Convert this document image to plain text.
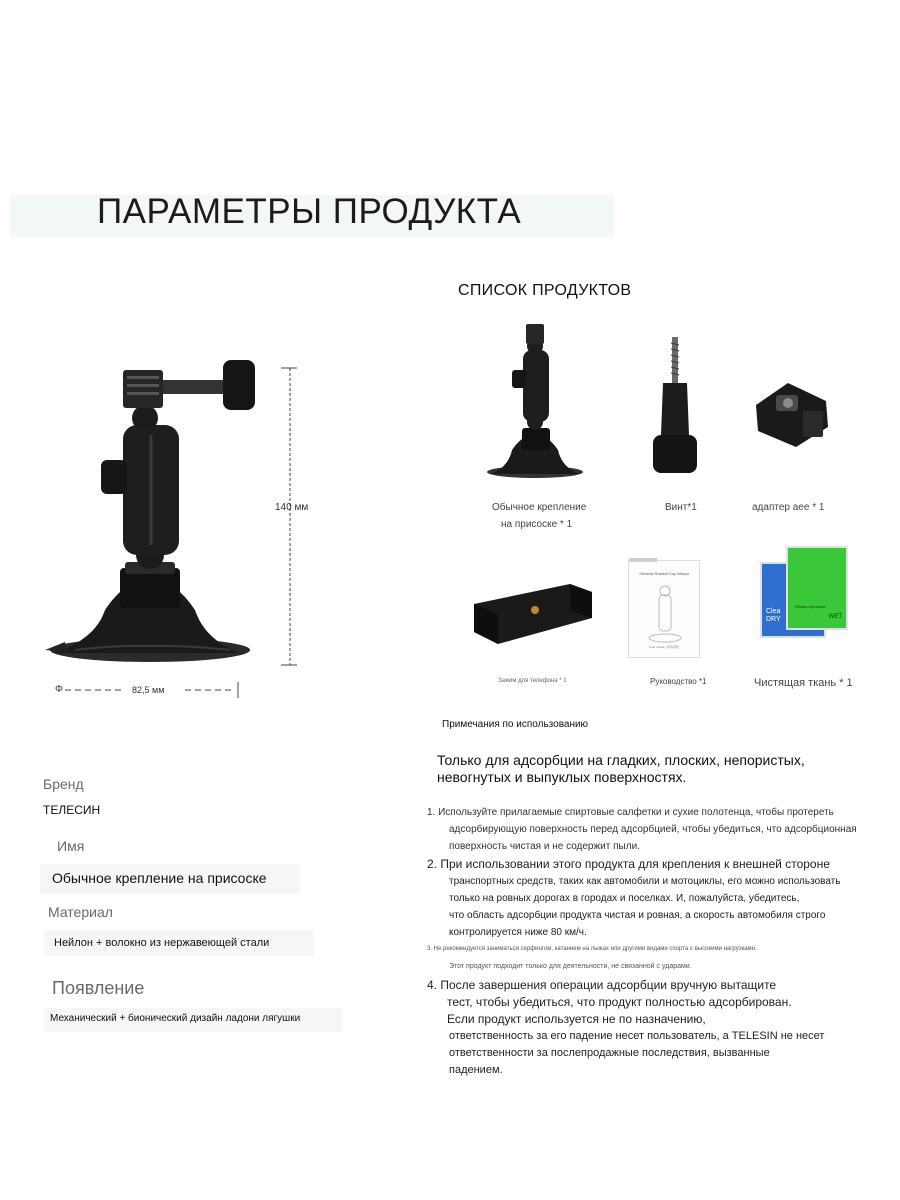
ПАРАМЕТРЫ ПРОДУКТА
140 мм
Φ	82,5 мм
СПИСОК ПРОДУКТОВ
Обычное крепление
на присоске * 1
Винт*1	адаптер aee * 1
Зажим для телефона * 1
General Suction Cup Mount
User Guide / 使用说明
Руководство *1
Clea DRY
Уборка обучение
WET
Чистящая ткань * 1
Бренд
ТЕЛЕСИН
Имя
Обычное крепление на присоске
Материал
Нейлон + волокно из нержавеющей стали
Появление
Механический + бионический дизайн ладони лягушки
Примечания по использованию
Только для адсорбции на гладких, плоских, непористых, невогнутых и выпуклых поверхностях.
1. Используйте прилагаемые спиртовые салфетки и сухие полотенца, чтобы протереть
адсорбирующую поверхность перед адсорбцией, чтобы убедиться, что адсорбционная
поверхность чистая и не содержит пыли.
2. При использовании этого продукта для крепления к внешней стороне
транспортных средств, таких как автомобили и мотоциклы, его можно использовать
только на ровных дорогах в городах и поселках. И, пожалуйста, убедитесь,
что область адсорбции продукта чистая и ровная, а скорость автомобиля строго
контролируется ниже 80 км/ч.
3. Не рекомендуется заниматься серфингом, катанием на лыжах или другими видами спорта с высокими нагрузками.
Этот продукт подходит только для деятельности, не связанной с ударами.
4. После завершения операции адсорбции вручную вытащите
тест, чтобы убедиться, что продукт полностью адсорбирован.
Если продукт используется не по назначению,
ответственность за его падение несет пользователь, а TELESIN не несет
ответственности за послепродажные последствия, вызванные
падением.
